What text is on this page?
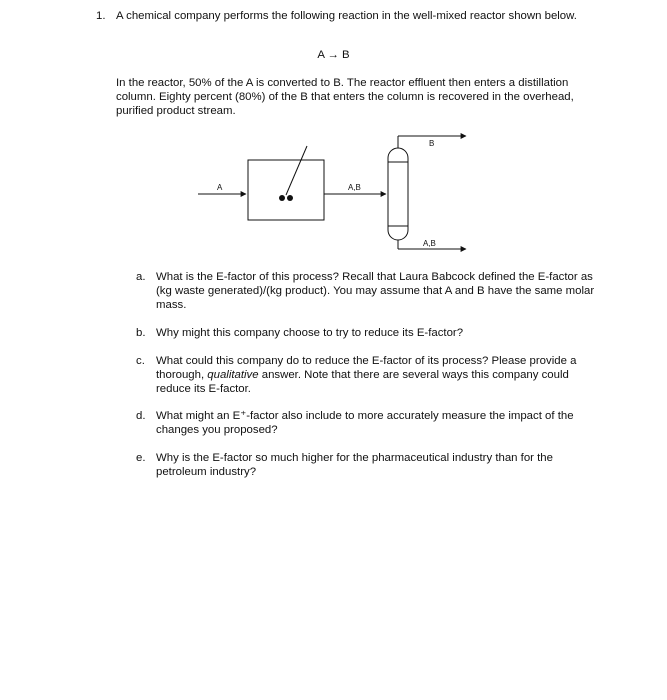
1. A chemical company performs the following reaction in the well-mixed reactor shown below.
A → B
In the reactor, 50% of the A is converted to B. The reactor effluent then enters a distillation column. Eighty percent (80%) of the B that enters the column is recovered in the overhead, purified product stream.
A	A,B
B
A,B
a. What is the E-factor of this process? Recall that Laura Babcock defined the E-factor as (kg waste generated)/(kg product). You may assume that A and B have the same molar mass.
b. Why might this company choose to try to reduce its E-factor?
c. What could this company do to reduce the E-factor of its process? Please provide a thorough, qualitative answer. Note that there are several ways this company could reduce its E-factor.
d. What might an E⁺-factor also include to more accurately measure the impact of the changes you proposed?
e. Why is the E-factor so much higher for the pharmaceutical industry than for the petroleum industry?
